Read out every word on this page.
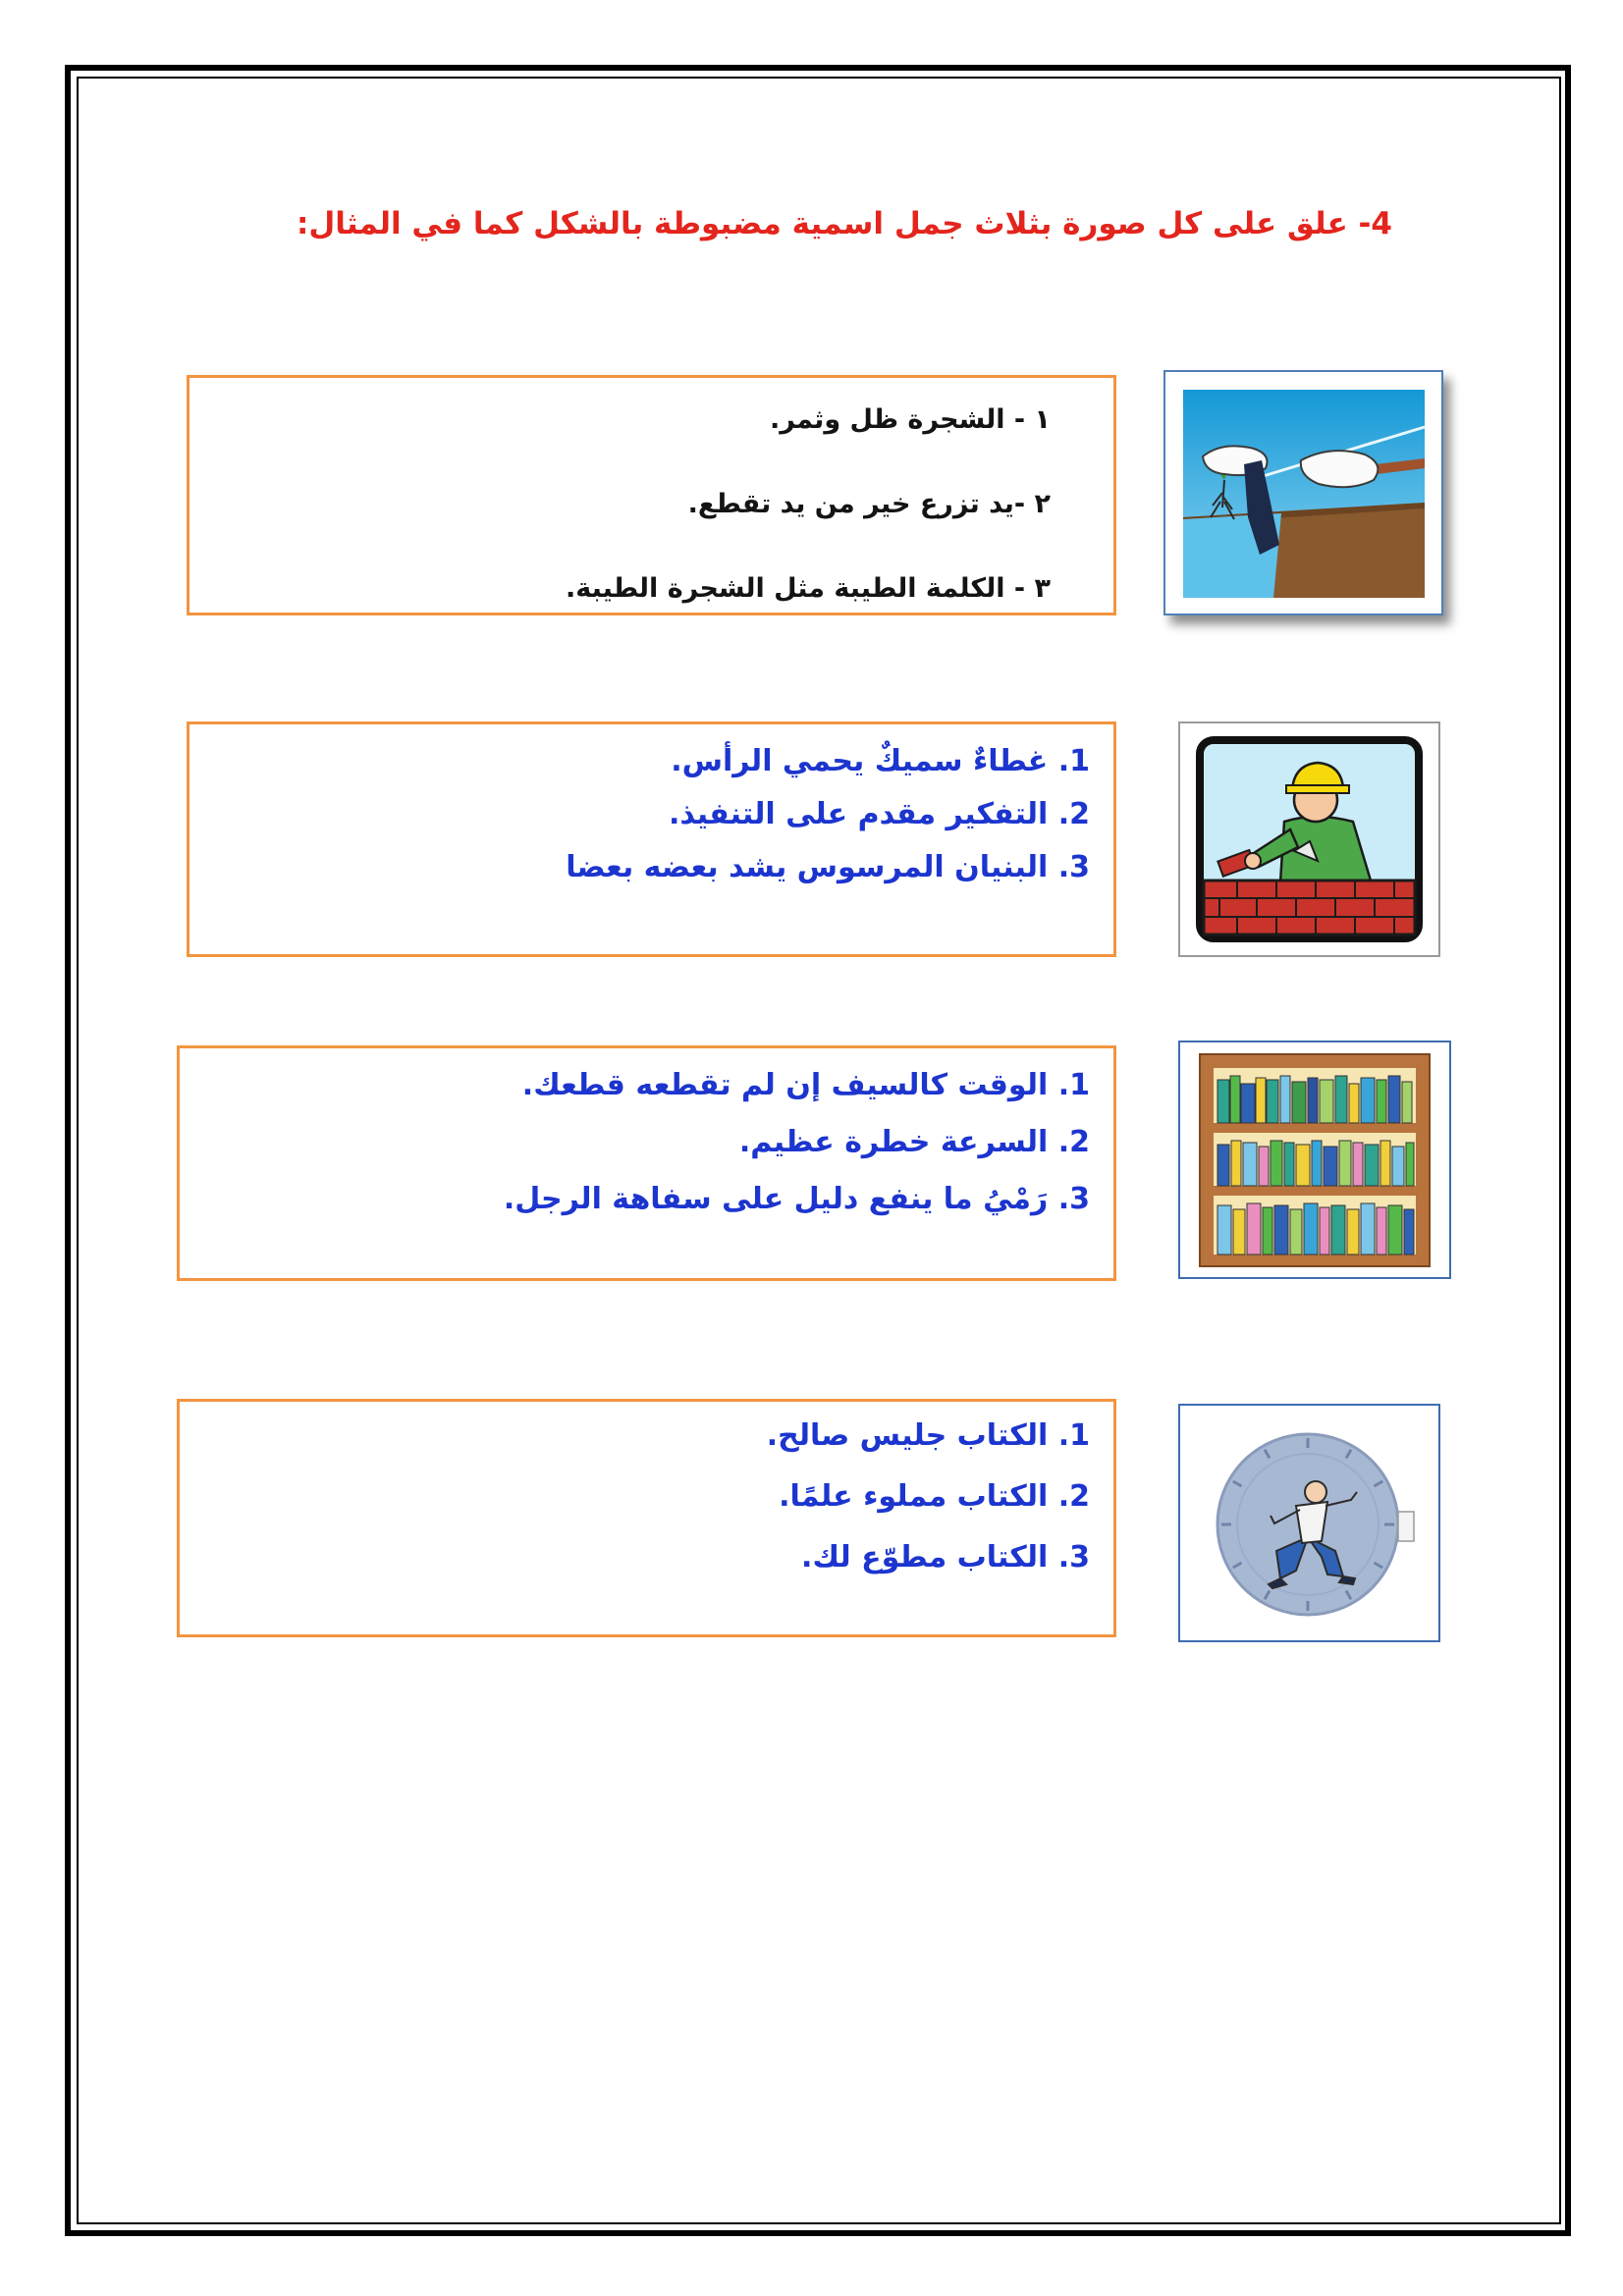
4- علق على كل صورة بثلاث جمل اسمية مضبوطة بالشكل كما في المثال:
١ - الشجرة ظل وثمر.
٢ -يد تزرع خير من يد تقطع.
٣ - الكلمة الطيبة مثل الشجرة الطيبة.
1. غطاءٌ سميكٌ يحمي الرأس.
2. التفكير مقدم على التنفيذ.
3. البنيان المرسوس يشد بعضه بعضا
1. الوقت كالسيف إن لم تقطعه قطعك.
2. السرعة خطرة عظيم.
3. رَمْيُ ما ينفع دليل على سفاهة الرجل.
1. الكتاب جليس صالح.
2. الكتاب مملوء علمًا.
3. الكتاب مطوّع لك.
